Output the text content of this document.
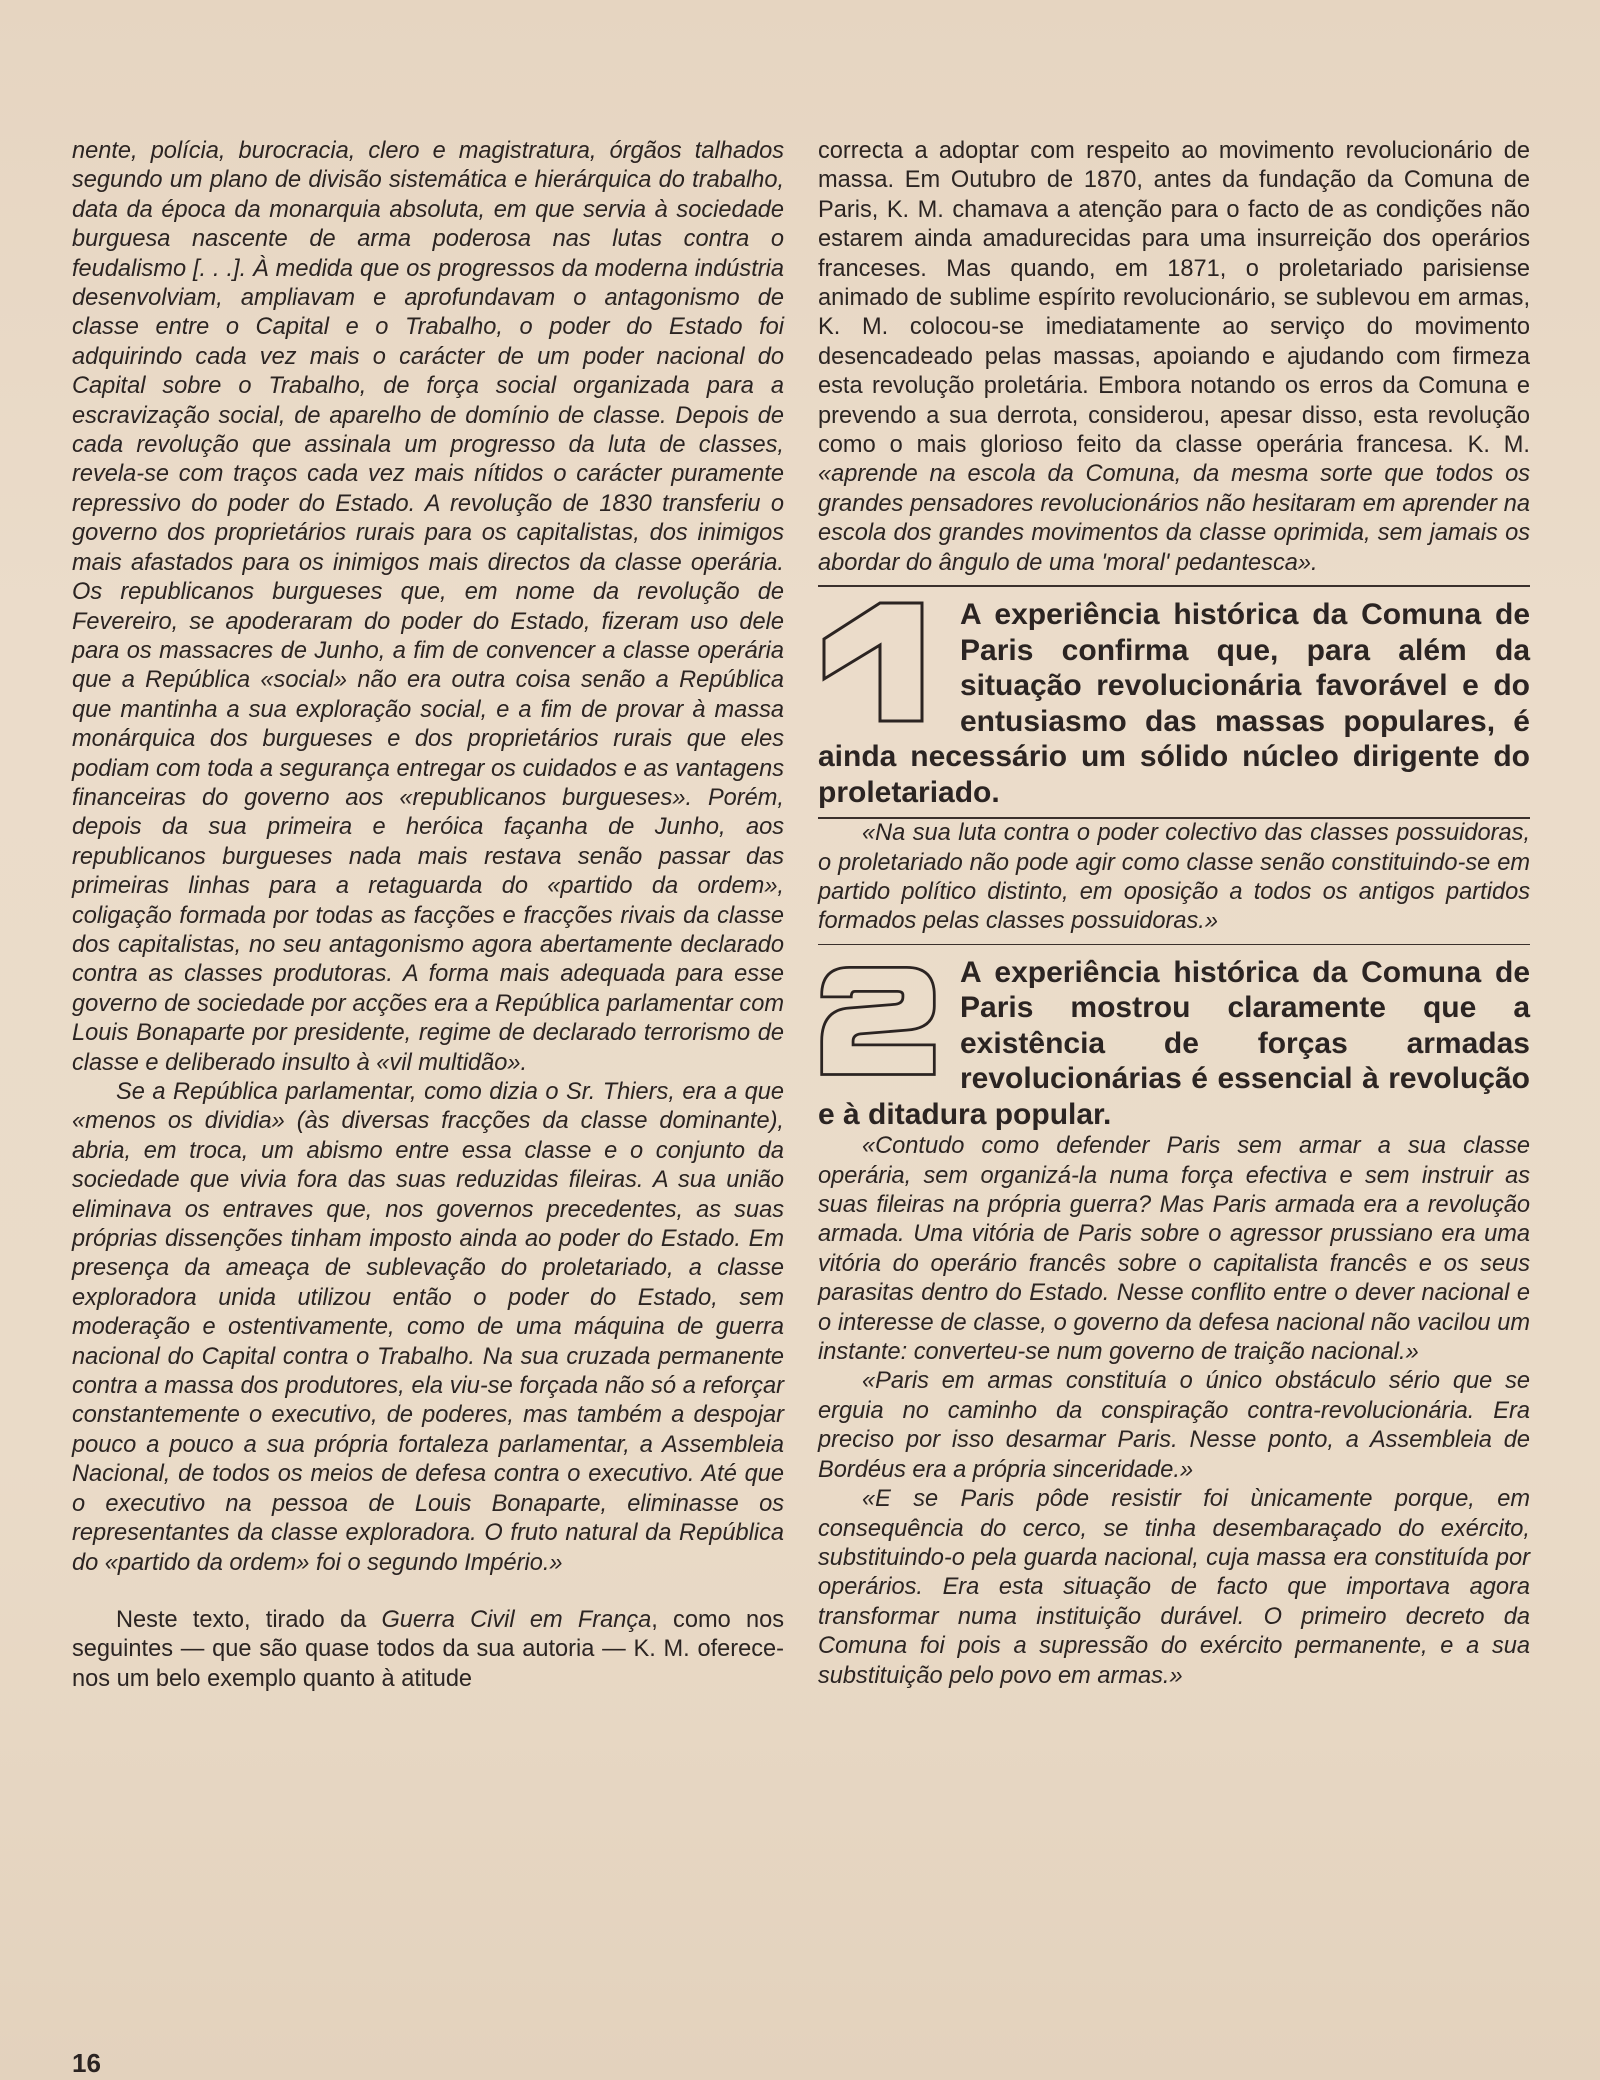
nente, polícia, burocracia, clero e magistratura, órgãos talhados segundo um plano de divisão sistemática e hierárquica do trabalho, data da época da monarquia absoluta, em que servia à sociedade burguesa nascente de arma poderosa nas lutas contra o feudalismo [. . .]. À medida que os progressos da moderna indústria desenvolviam, ampliavam e aprofundavam o antagonismo de classe entre o Capital e o Trabalho, o poder do Estado foi adquirindo cada vez mais o carácter de um poder nacional do Capital sobre o Trabalho, de força social organizada para a escravização social, de aparelho de domínio de classe. Depois de cada revolução que assinala um progresso da luta de classes, revela-se com traços cada vez mais nítidos o carácter puramente repressivo do poder do Estado. A revolução de 1830 transferiu o governo dos proprietários rurais para os capitalistas, dos inimigos mais afastados para os inimigos mais directos da classe operária. Os republicanos burgueses que, em nome da revolução de Fevereiro, se apoderaram do poder do Estado, fizeram uso dele para os massacres de Junho, a fim de convencer a classe operária que a República «social» não era outra coisa senão a República que mantinha a sua exploração social, e a fim de provar à massa monárquica dos burgueses e dos proprietários rurais que eles podiam com toda a segurança entregar os cuidados e as vantagens financeiras do governo aos «republicanos burgueses». Porém, depois da sua primeira e heróica façanha de Junho, aos republicanos burgueses nada mais restava senão passar das primeiras linhas para a retaguarda do «partido da ordem», coligação formada por todas as facções e fracções rivais da classe dos capitalistas, no seu antagonismo agora abertamente declarado contra as classes produtoras. A forma mais adequada para esse governo de sociedade por acções era a República parlamentar com Louis Bonaparte por presidente, regime de declarado terrorismo de classe e deliberado insulto à «vil multidão».

Se a República parlamentar, como dizia o Sr. Thiers, era a que «menos os dividia» (às diversas fracções da classe dominante), abria, em troca, um abismo entre essa classe e o conjunto da sociedade que vivia fora das suas reduzidas fileiras. A sua união eliminava os entraves que, nos governos precedentes, as suas próprias dissenções tinham imposto ainda ao poder do Estado. Em presença da ameaça de sublevação do proletariado, a classe exploradora unida utilizou então o poder do Estado, sem moderação e ostentivamente, como de uma máquina de guerra nacional do Capital contra o Trabalho. Na sua cruzada permanente contra a massa dos produtores, ela viu-se forçada não só a reforçar constantemente o executivo, de poderes, mas também a despojar pouco a pouco a sua própria fortaleza parlamentar, a Assembleia Nacional, de todos os meios de defesa contra o executivo. Até que o executivo na pessoa de Louis Bonaparte, eliminasse os representantes da classe exploradora. O fruto natural da República do «partido da ordem» foi o segundo Império.»

Neste texto, tirado da Guerra Civil em França, como nos seguintes — que são quase todos da sua autoria — K. M. oferece-nos um belo exemplo quanto à atitude

correcta a adoptar com respeito ao movimento revolucionário de massa. Em Outubro de 1870, antes da fundação da Comuna de Paris, K. M. chamava a atenção para o facto de as condições não estarem ainda amadurecidas para uma insurreição dos operários franceses. Mas quando, em 1871, o proletariado parisiense animado de sublime espírito revolucionário, se sublevou em armas, K. M. colocou-se imediatamente ao serviço do movimento desencadeado pelas massas, apoiando e ajudando com firmeza esta revolução proletária. Embora notando os erros da Comuna e prevendo a sua derrota, considerou, apesar disso, esta revolução como o mais glorioso feito da classe operária francesa. K. M. «aprende na escola da Comuna, da mesma sorte que todos os grandes pensadores revolucionários não hesitaram em aprender na escola dos grandes movimentos da classe oprimida, sem jamais os abordar do ângulo de uma 'moral' pedantesca».

A experiência histórica da Comuna de Paris confirma que, para além da situação revolucionária favorável e do entusiasmo das massas populares, é ainda necessário um sólido núcleo dirigente do proletariado.

«Na sua luta contra o poder colectivo das classes possuidoras, o proletariado não pode agir como classe senão constituindo-se em partido político distinto, em oposição a todos os antigos partidos formados pelas classes possuidoras.»

A experiência histórica da Comuna de Paris mostrou claramente que a existência de forças armadas revolucionárias é essencial à revolução e à ditadura popular.

«Contudo como defender Paris sem armar a sua classe operária, sem organizá-la numa força efectiva e sem instruir as suas fileiras na própria guerra? Mas Paris armada era a revolução armada. Uma vitória de Paris sobre o agressor prussiano era uma vitória do operário francês sobre o capitalista francês e os seus parasitas dentro do Estado. Nesse conflito entre o dever nacional e o interesse de classe, o governo da defesa nacional não vacilou um instante: converteu-se num governo de traição nacional.»

«Paris em armas constituía o único obstáculo sério que se erguia no caminho da conspiração contra-revolucionária. Era preciso por isso desarmar Paris. Nesse ponto, a Assembleia de Bordéus era a própria sinceridade.»

«E se Paris pôde resistir foi ùnicamente porque, em consequência do cerco, se tinha desembaraçado do exército, substituindo-o pela guarda nacional, cuja massa era constituída por operários. Era esta situação de facto que importava agora transformar numa instituição durável. O primeiro decreto da Comuna foi pois a supressão do exército permanente, e a sua substituição pelo povo em armas.»

16
